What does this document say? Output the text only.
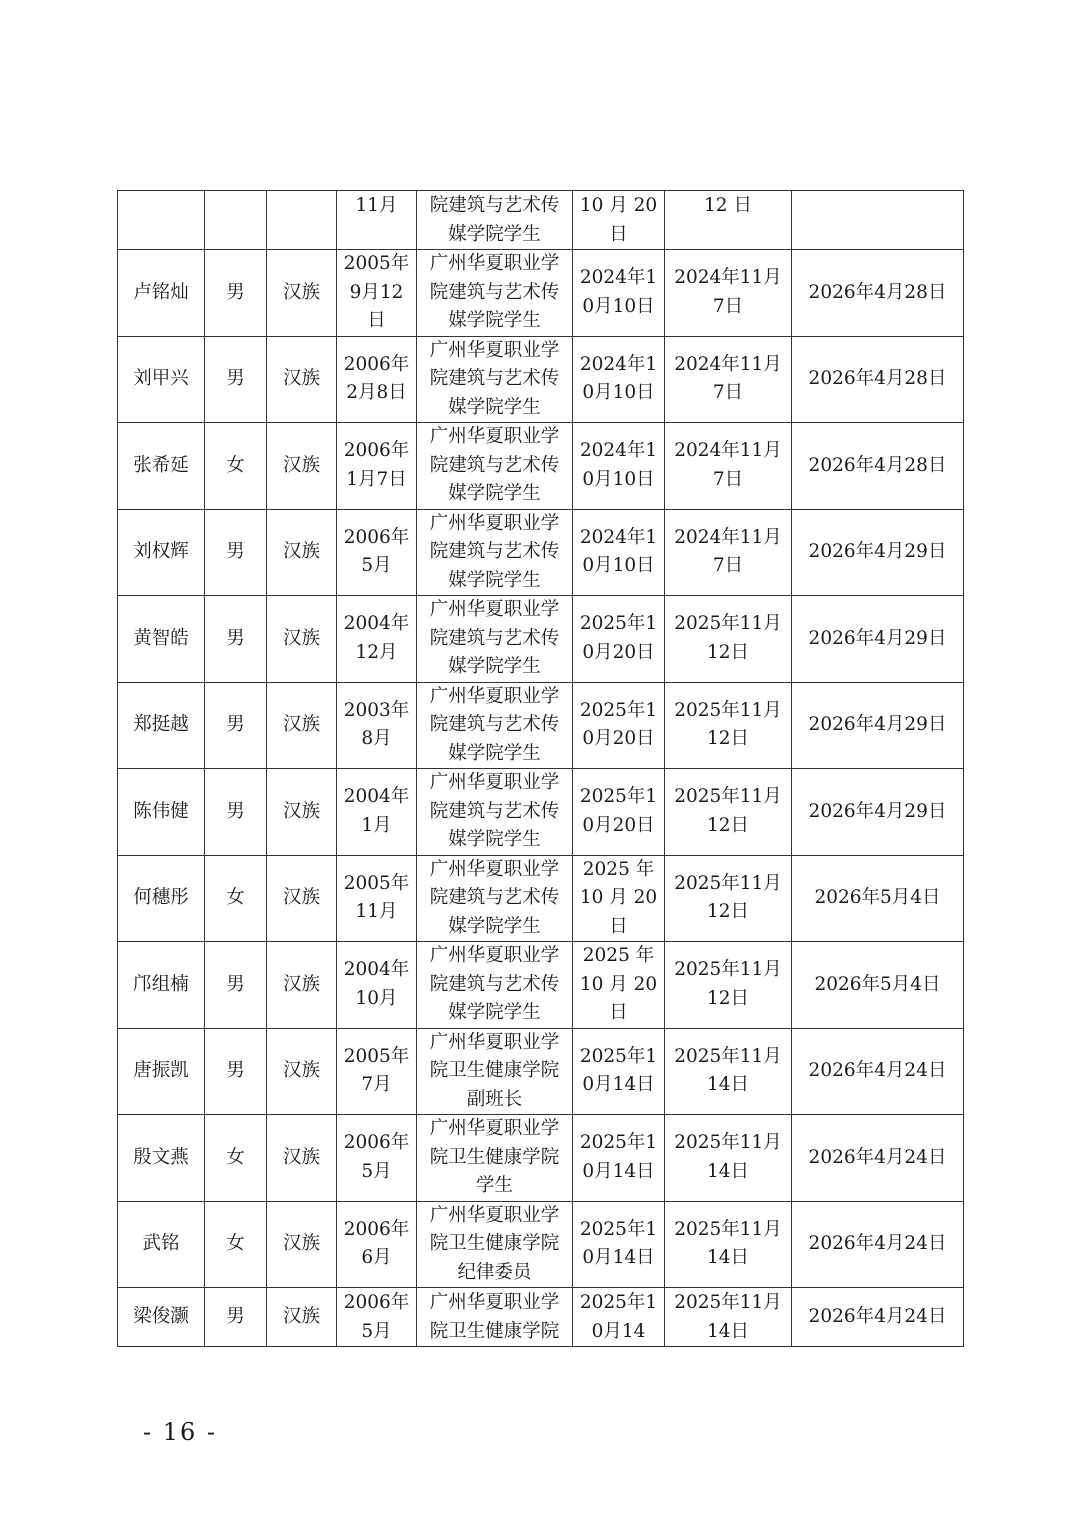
			11月	院建筑与艺术传媒学院学生	10 月 20 日	12 日	
卢铭灿	男	汉族	2005年9月12日	广州华夏职业学院建筑与艺术传媒学院学生	2024年10月10日	2024年11月7日	2026年4月28日
刘甲兴	男	汉族	2006年2月8日	广州华夏职业学院建筑与艺术传媒学院学生	2024年10月10日	2024年11月7日	2026年4月28日
张希延	女	汉族	2006年1月7日	广州华夏职业学院建筑与艺术传媒学院学生	2024年10月10日	2024年11月7日	2026年4月28日
刘权辉	男	汉族	2006年5月	广州华夏职业学院建筑与艺术传媒学院学生	2024年10月10日	2024年11月7日	2026年4月29日
黄智皓	男	汉族	2004年12月	广州华夏职业学院建筑与艺术传媒学院学生	2025年10月20日	2025年11月12日	2026年4月29日
郑挺越	男	汉族	2003年8月	广州华夏职业学院建筑与艺术传媒学院学生	2025年10月20日	2025年11月12日	2026年4月29日
陈伟健	男	汉族	2004年1月	广州华夏职业学院建筑与艺术传媒学院学生	2025年10月20日	2025年11月12日	2026年4月29日
何穗彤	女	汉族	2005年11月	广州华夏职业学院建筑与艺术传媒学院学生	2025 年 10 月 20 日	2025年11月12日	2026年5月4日
邝组楠	男	汉族	2004年10月	广州华夏职业学院建筑与艺术传媒学院学生	2025 年 10 月 20 日	2025年11月12日	2026年5月4日
唐振凯	男	汉族	2005年7月	广州华夏职业学院卫生健康学院副班长	2025年10月14日	2025年11月14日	2026年4月24日
殷文燕	女	汉族	2006年5月	广州华夏职业学院卫生健康学院学生	2025年10月14日	2025年11月14日	2026年4月24日
武铭	女	汉族	2006年6月	广州华夏职业学院卫生健康学院纪律委员	2025年10月14日	2025年11月14日	2026年4月24日
梁俊灏	男	汉族	2006年5月	广州华夏职业学院卫生健康学院	2025年10月14	2025年11月14日	2026年4月24日
- 16 -
